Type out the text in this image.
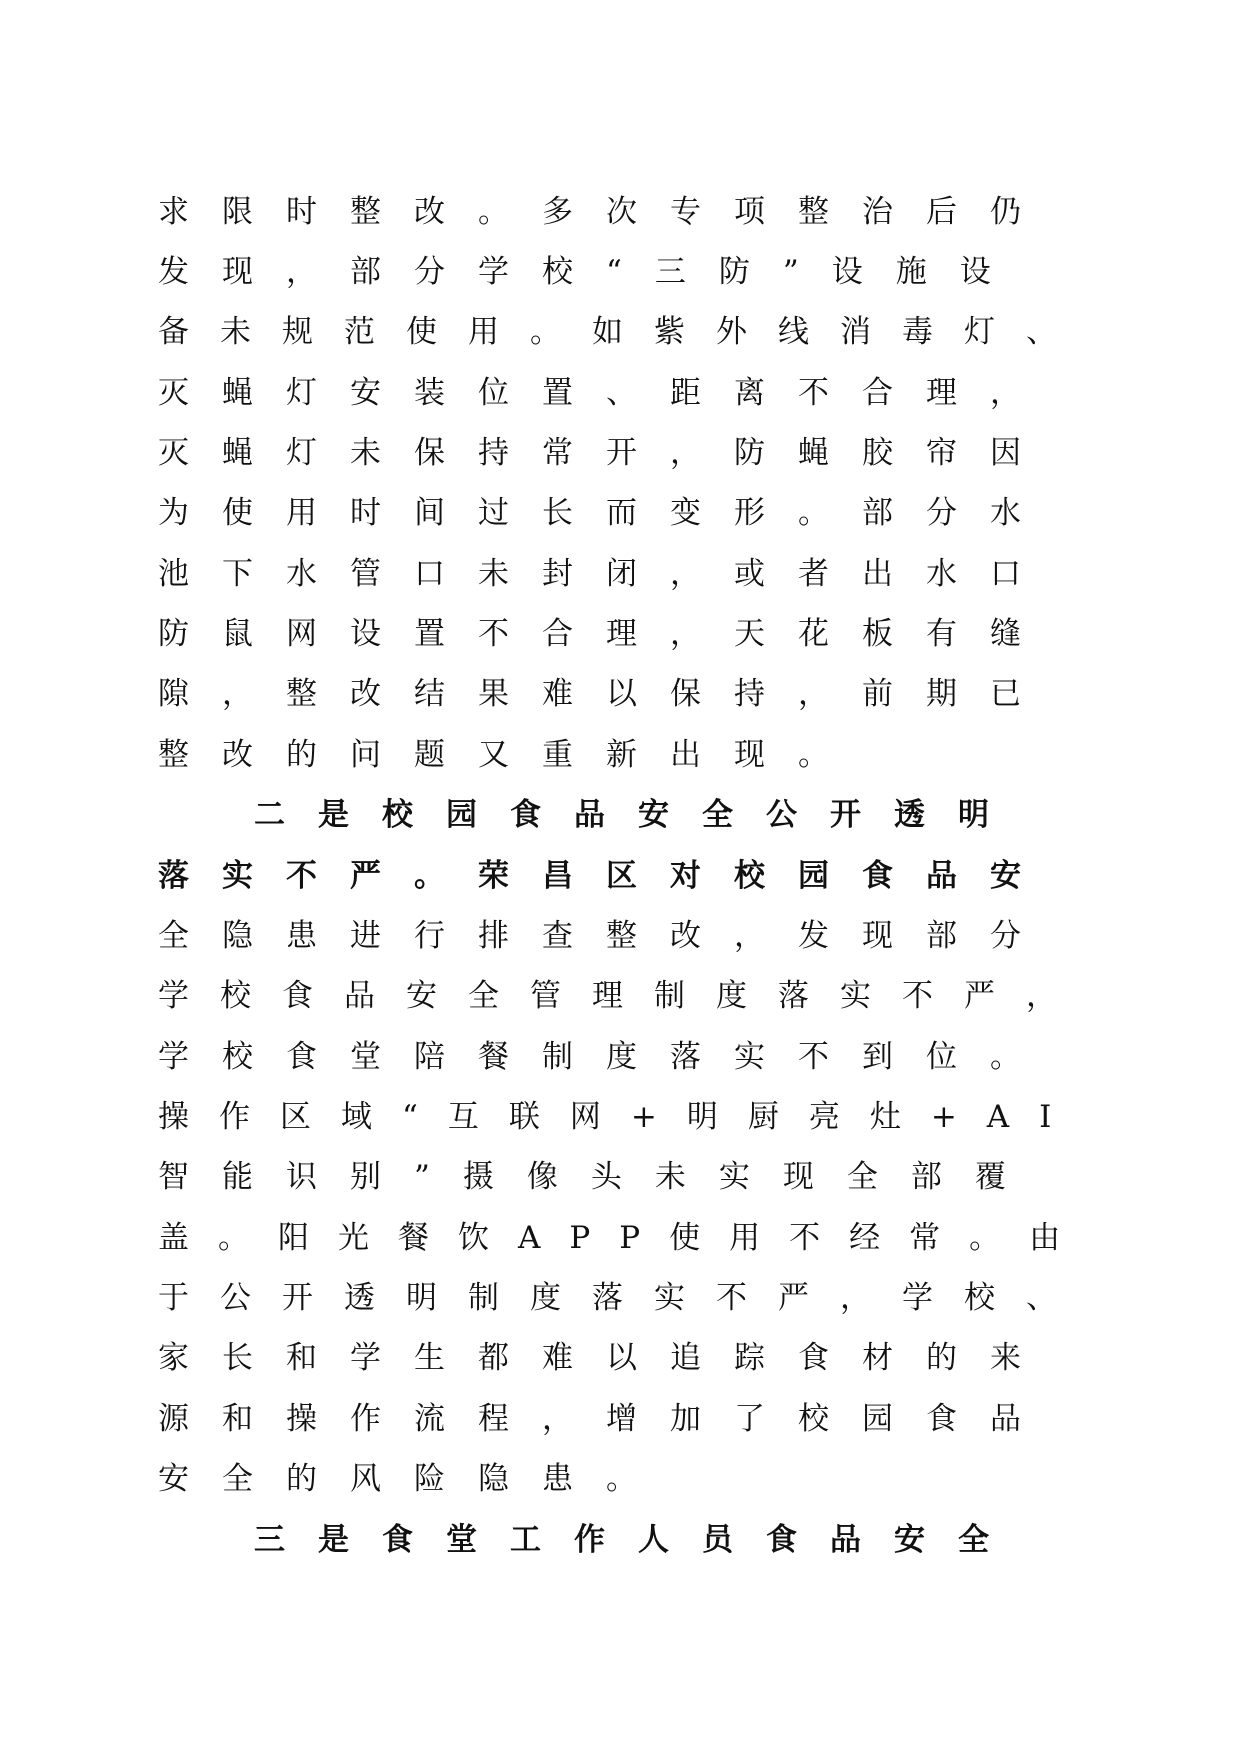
求限时整改。多次专项整治后仍
发现，部分学校“三防”设施设
备未规范使用。如紫外线消毒灯、
灭蝇灯安装位置、距离不合理，
灭蝇灯未保持常开，防蝇胶帘因
为使用时间过长而变形。部分水
池下水管口未封闭，或者出水口
防鼠网设置不合理，天花板有缝
隙，整改结果难以保持，前期已
整改的问题又重新出现。
二是校园食品安全公开透明
落实不严。荣昌区对校园食品安
全隐患进行排查整改，发现部分
学校食品安全管理制度落实不严，
学校食堂陪餐制度落实不到位。
操作区域“互联网+明厨亮灶+AI
智能识别”摄像头未实现全部覆
盖。阳光餐饮APP使用不经常。由
于公开透明制度落实不严，学校、
家长和学生都难以追踪食材的来
源和操作流程，增加了校园食品
安全的风险隐患。
三是食堂工作人员食品安全
